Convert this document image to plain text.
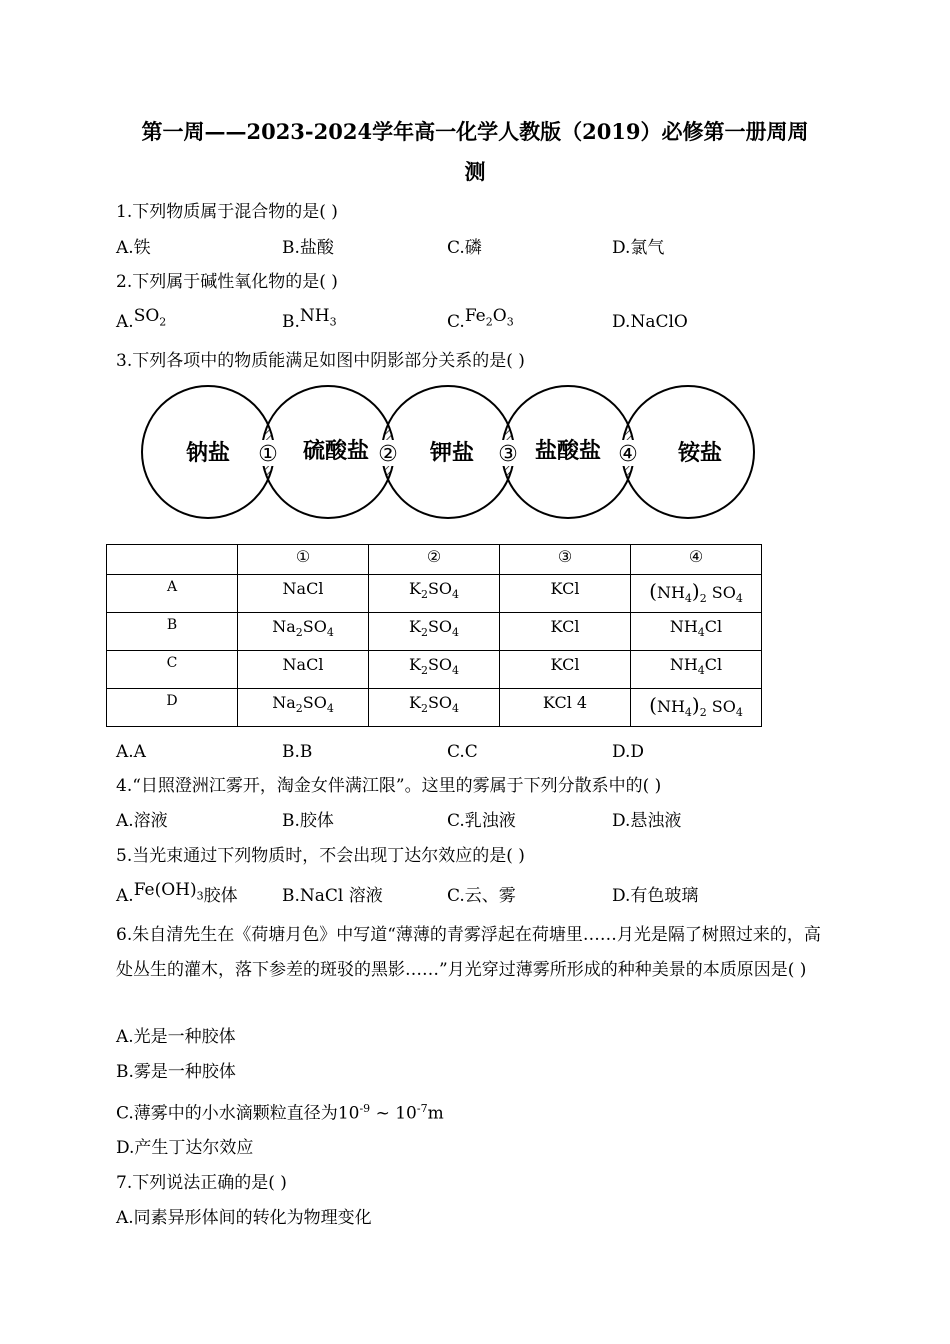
第一周——2023-2024学年高一化学人教版（2019）必修第一册周周
测
1.下列物质属于混合物的是( )
A.铁	B.盐酸	C.磷	D.氯气
2.下列属于碱性氧化物的是( )
$A.SO_2$	$B.NH_3$	$C.Fe_2O_3$	D.NaClO
3.下列各项中的物质能满足如图中阴影部分关系的是( )
钠盐	硫酸盐	钾盐	盐酸盐	铵盐
①	②	③	④
	①	②	③	④
A	NaCl	$K_2SO_4$	KCl	$(NH_4)_2$ $SO_4$
B	$Na_2SO_4$	$K_2SO_4$	KCl	$NH_4Cl$
C	NaCl	$K_2SO_4$	KCl	$NH_4Cl$
D	$Na_2SO_4$	$K_2SO_4$	KCl 4	$(NH_4)_2$ $SO_4$
A.A	B.B	C.C	D.D
4.“日照澄洲江雾开，淘金女伴满江限”。这里的雾属于下列分散系中的( )
A.溶液	B.胶体	C.乳浊液	D.悬浊液
5.当光束通过下列物质时，不会出现丁达尔效应的是( )
$A.Fe(OH)_3$胶体	B.NaCl 溶液	C.云、雾	D.有色玻璃
6.朱自清先生在《荷塘月色》中写道“薄薄的青雾浮起在荷塘里……月光是隔了树照过来的，高处丛生的灌木，落下参差的斑驳的黑影……”月光穿过薄雾所形成的种种美景的本质原因是( )
A.光是一种胶体
B.雾是一种胶体
C.薄雾中的小水滴颗粒直径为$10^{-9}$ ~ $10^{-7}m$
D.产生丁达尔效应
7.下列说法正确的是( )
A.同素异形体间的转化为物理变化
